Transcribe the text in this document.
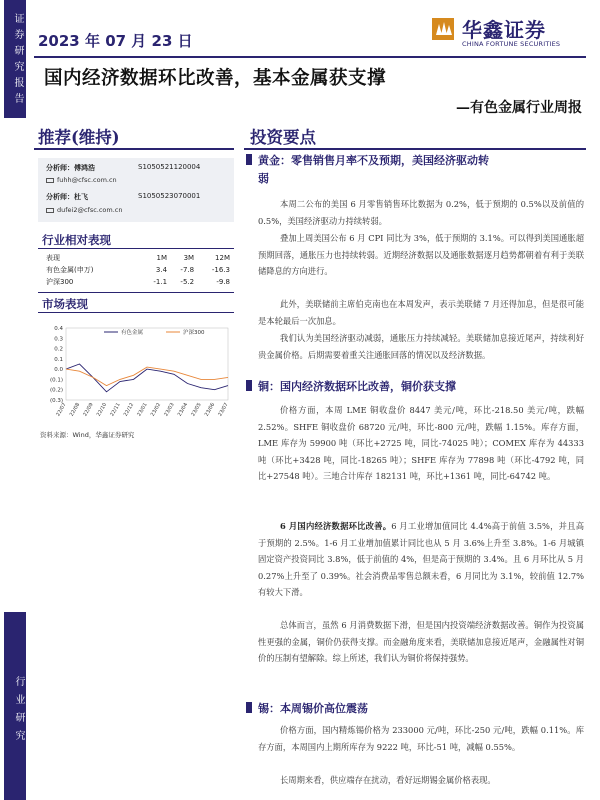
证券研究报告
行业研究
2023 年 07 月 23 日	华鑫证券
CHINA FORTUNE SECURITIES
国内经济数据环比改善，基本金属获支撑
—有色金属行业周报
推荐(维持)	投资要点
分析师：傅鸿浩	S1050521120004
fuhh@cfsc.com.cn
分析师：杜飞	S1050523070001
dufei2@cfsc.com.cn
行业相对表现
表现	1M	3M	12M
有色金属(申万)	3.4	-7.8	-16.3
沪深300	-1.1	-5.2	-9.8
市场表现
(0.3)
(0.2)
(0.1)
0.0
0.1
0.2
0.3
0.4
22/07 22/08 22/09 22/10 22/11 22/12 23/01 23/02 23/03 23/04 23/05 23/06 23/07
有色金属	沪深300
资料来源：Wind，华鑫证券研究
黄金：零售销售月率不及预期，美国经济驱动转
弱
本周二公布的美国 6 月零售销售环比数据为 0.2%，低于预期的 0.5%以及前值的 0.5%，美国经济驱动力持续转弱。
叠加上周美国公布 6 月 CPI 同比为 3%，低于预期的 3.1%。可以得到美国通胀超预期回落，通胀压力也持续转弱。近期经济数据以及通胀数据逐月趋势都朝着有利于美联储降息的方向进行。
此外，美联储前主席伯克南也在本周发声，表示美联储 7 月还得加息，但是很可能是本轮最后一次加息。
我们认为美国经济驱动减弱，通胀压力持续减轻。美联储加息接近尾声，持续利好贵金属价格。后期需要着重关注通胀回落的情况以及经济数据。
铜：国内经济数据环比改善，铜价获支撑
价格方面，本周 LME 铜收盘价 8447 美元/吨，环比-218.50 美元/吨，跌幅 2.52%。SHFE 铜收盘价 68720 元/吨，环比-800 元/吨，跌幅 1.15%。库存方面，LME 库存为 59900 吨（环比+2725 吨，同比-74025 吨）；COMEX 库存为 44333 吨（环比+3428 吨，同比-18265 吨）；SHFE 库存为 77898 吨（环比-4792 吨，同比+27548 吨）。三地合计库存 182131 吨，环比+1361 吨，同比-64742 吨。
6 月国内经济数据环比改善。6 月工业增加值同比 4.4%高于前值 3.5%，并且高于预期的 2.5%。1-6 月工业增加值累计同比也从 5 月 3.6%上升至 3.8%。1-6 月城镇固定资产投资同比 3.8%，低于前值的 4%，但是高于预期的 3.4%。且 6 月环比从 5 月 0.27%上升至了 0.39%。社会消费品零售总额未看，6 月同比为 3.1%，较前值 12.7%有较大下滑。
总体而言，虽然 6 月消费数据下滑，但是国内投资端经济数据改善。铜作为投资属性更强的金属，铜价仍获得支撑。而金融角度来看，美联储加息接近尾声，金融属性对铜价的压制有望解除。综上所述，我们认为铜价将保持强势。
锡：本周锡价高位震荡
价格方面，国内精炼锡价格为 233000 元/吨，环比-250 元/吨，跌幅 0.11%。库存方面，本周国内上期所库存为 9222 吨，环比-51 吨，减幅 0.55%。
长周期来看，供应端存在扰动，看好远期锡金属价格表现。
